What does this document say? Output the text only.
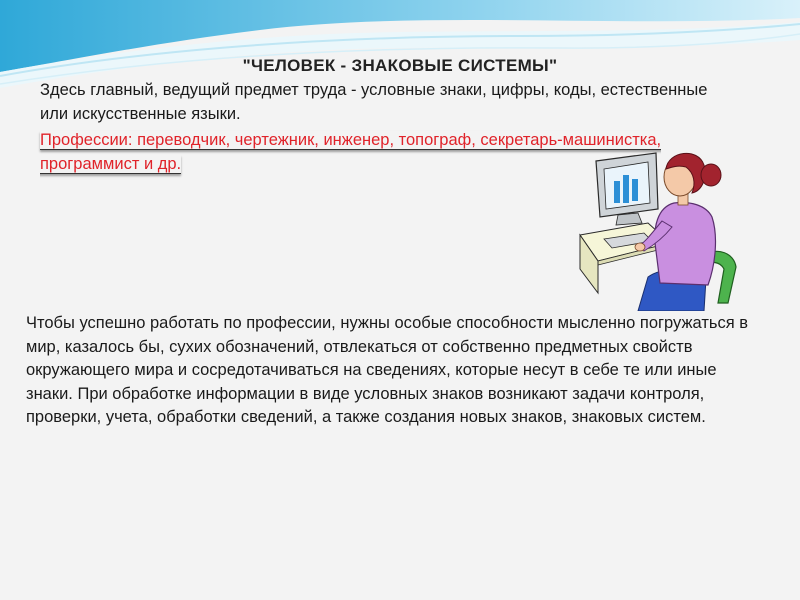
"ЧЕЛОВЕК - ЗНАКОВЫЕ СИСТЕМЫ"
Здесь главный, ведущий предмет труда - условные знаки, цифры, коды, естественные или искусственные языки.
Профессии: переводчик, чертежник, инженер, топограф, секретарь-машинистка, программист и др.
Чтобы успешно работать по профессии, нужны особые способности мысленно погружаться в мир, казалось бы, сухих обозначений, отвлекаться от собственно предметных свойств окружающего мира и сосредотачиваться на сведениях, которые несут в себе те или иные знаки. При обработке информации в виде условных знаков возникают задачи контроля, проверки, учета, обработки сведений, а также создания новых знаков, знаковых систем.
